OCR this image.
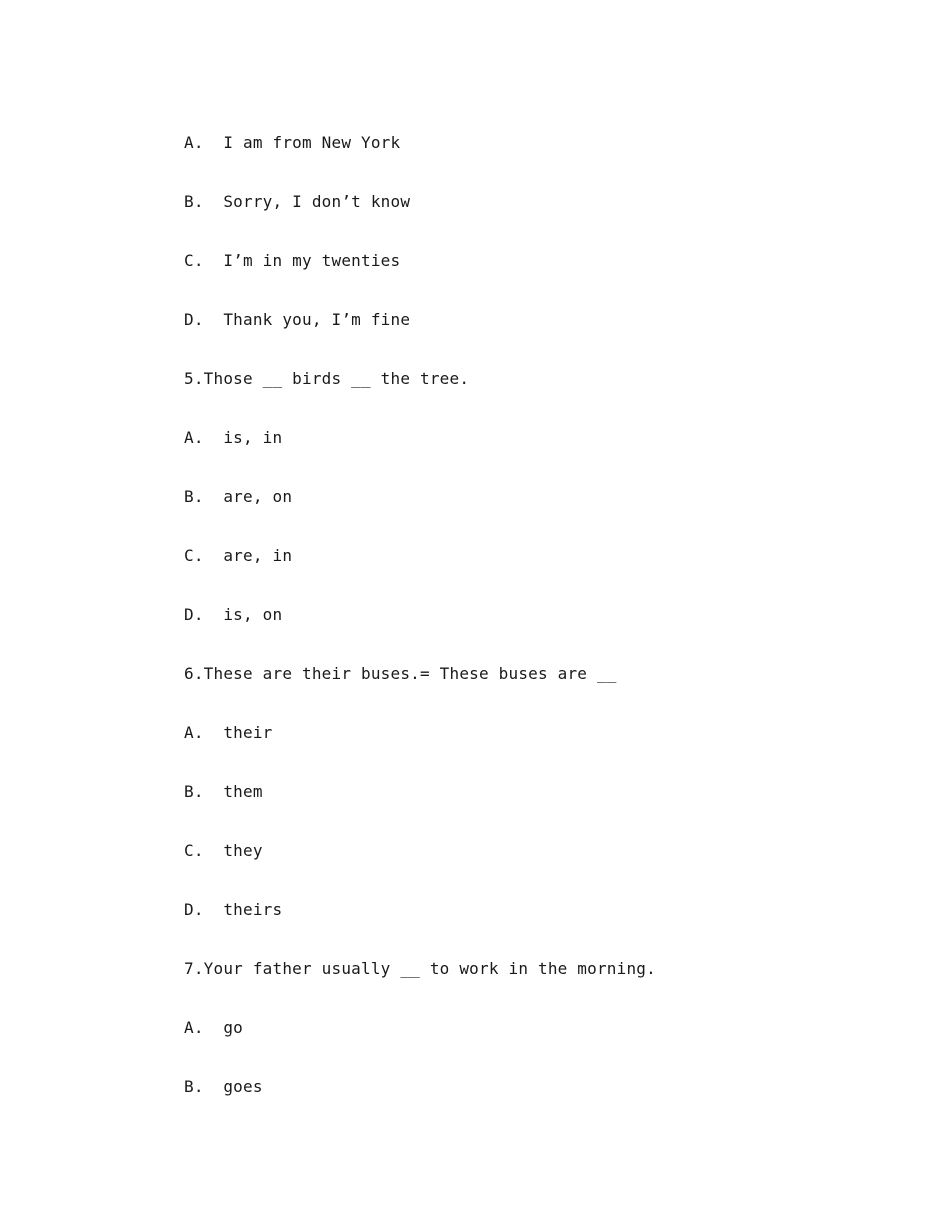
A.  I am from New York
B.  Sorry, I don’t know
C.  I’m in my twenties
D.  Thank you, I’m fine
5.Those __ birds __ the tree.
A.  is, in
B.  are, on
C.  are, in
D.  is, on
6.These are their buses.= These buses are __
A.  their
B.  them
C.  they
D.  theirs
7.Your father usually __ to work in the morning.
A.  go
B.  goes
